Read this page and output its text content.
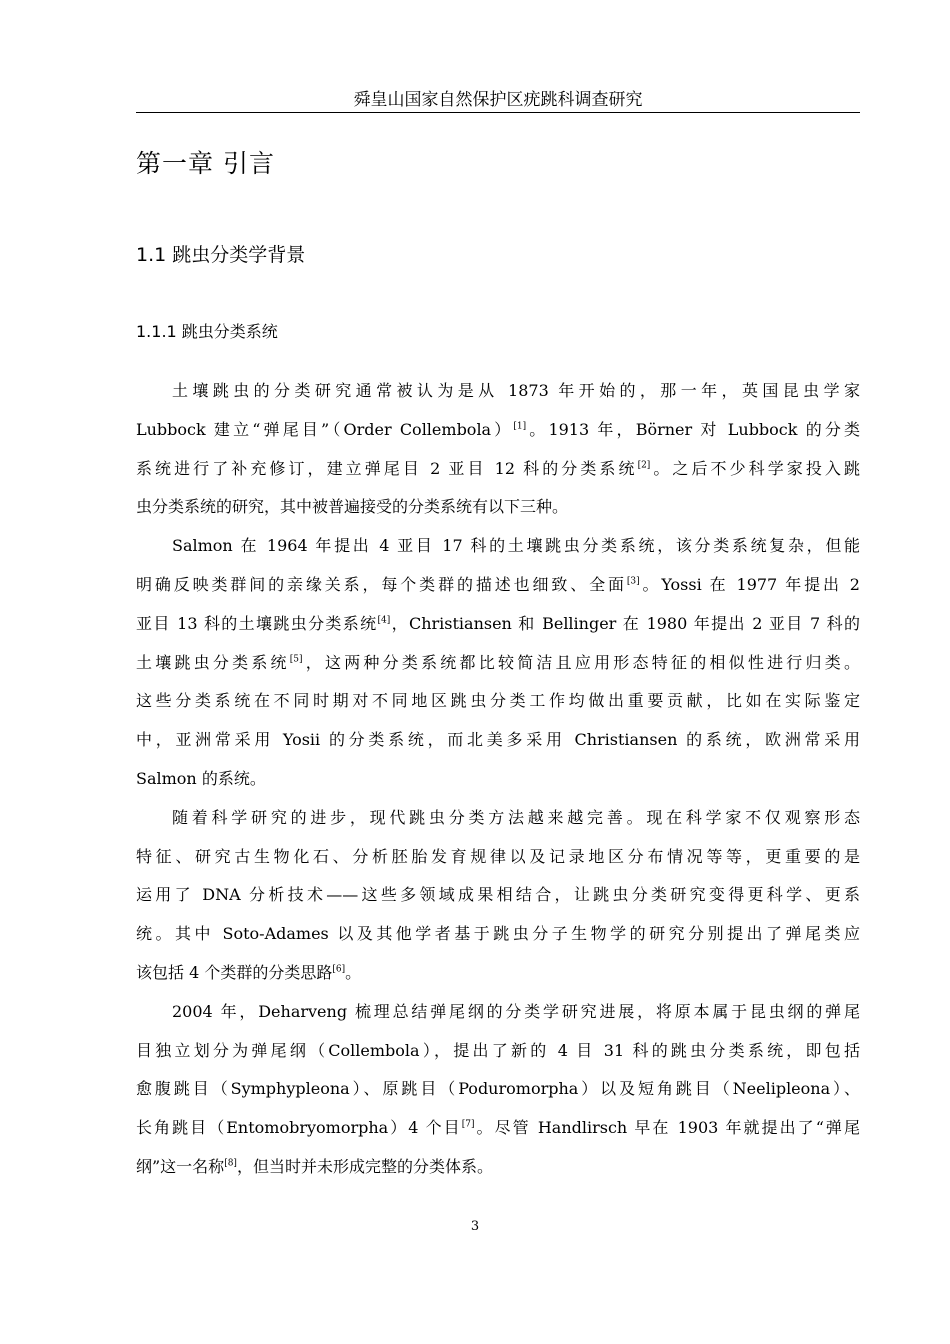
舜皇山国家自然保护区疣跳科调查研究
第一章 引言
1.1 跳虫分类学背景
1.1.1 跳虫分类系统
土壤跳虫的分类研究通常被认为是从 1873 年开始的，那一年，英国昆虫学家
Lubbock 建立“弹尾目”（Order Collembola）[1]。1913 年，Börner 对 Lubbock 的分类
系统进行了补充修订，建立弹尾目 2 亚目 12 科的分类系统[2]。之后不少科学家投入跳
虫分类系统的研究，其中被普遍接受的分类系统有以下三种。
Salmon 在 1964 年提出 4 亚目 17 科的土壤跳虫分类系统，该分类系统复杂，但能
明确反映类群间的亲缘关系，每个类群的描述也细致、全面[3]。Yossi 在 1977 年提出 2
亚目 13 科的土壤跳虫分类系统[4]，Christiansen 和 Bellinger 在 1980 年提出 2 亚目 7 科的
土壤跳虫分类系统[5]，这两种分类系统都比较简洁且应用形态特征的相似性进行归类。
这些分类系统在不同时期对不同地区跳虫分类工作均做出重要贡献，比如在实际鉴定
中，亚洲常采用 Yosii 的分类系统，而北美多采用 Christiansen 的系统，欧洲常采用
Salmon 的系统。
随着科学研究的进步，现代跳虫分类方法越来越完善。现在科学家不仅观察形态
特征、研究古生物化石、分析胚胎发育规律以及记录地区分布情况等等，更重要的是
运用了 DNA 分析技术——这些多领域成果相结合，让跳虫分类研究变得更科学、更系
统。其中 Soto-Adames 以及其他学者基于跳虫分子生物学的研究分别提出了弹尾类应
该包括 4 个类群的分类思路[6]。
2004 年，Deharveng 梳理总结弹尾纲的分类学研究进展，将原本属于昆虫纲的弹尾
目独立划分为弹尾纲（Collembola），提出了新的 4 目 31 科的跳虫分类系统，即包括
愈腹跳目（Symphypleona）、原跳目（Poduromorpha）以及短角跳目（Neelipleona）、
长角跳目（Entomobryomorpha）4 个目[7]。尽管 Handlirsch 早在 1903 年就提出了“弹尾
纲”这一名称[8]，但当时并未形成完整的分类体系。
3
